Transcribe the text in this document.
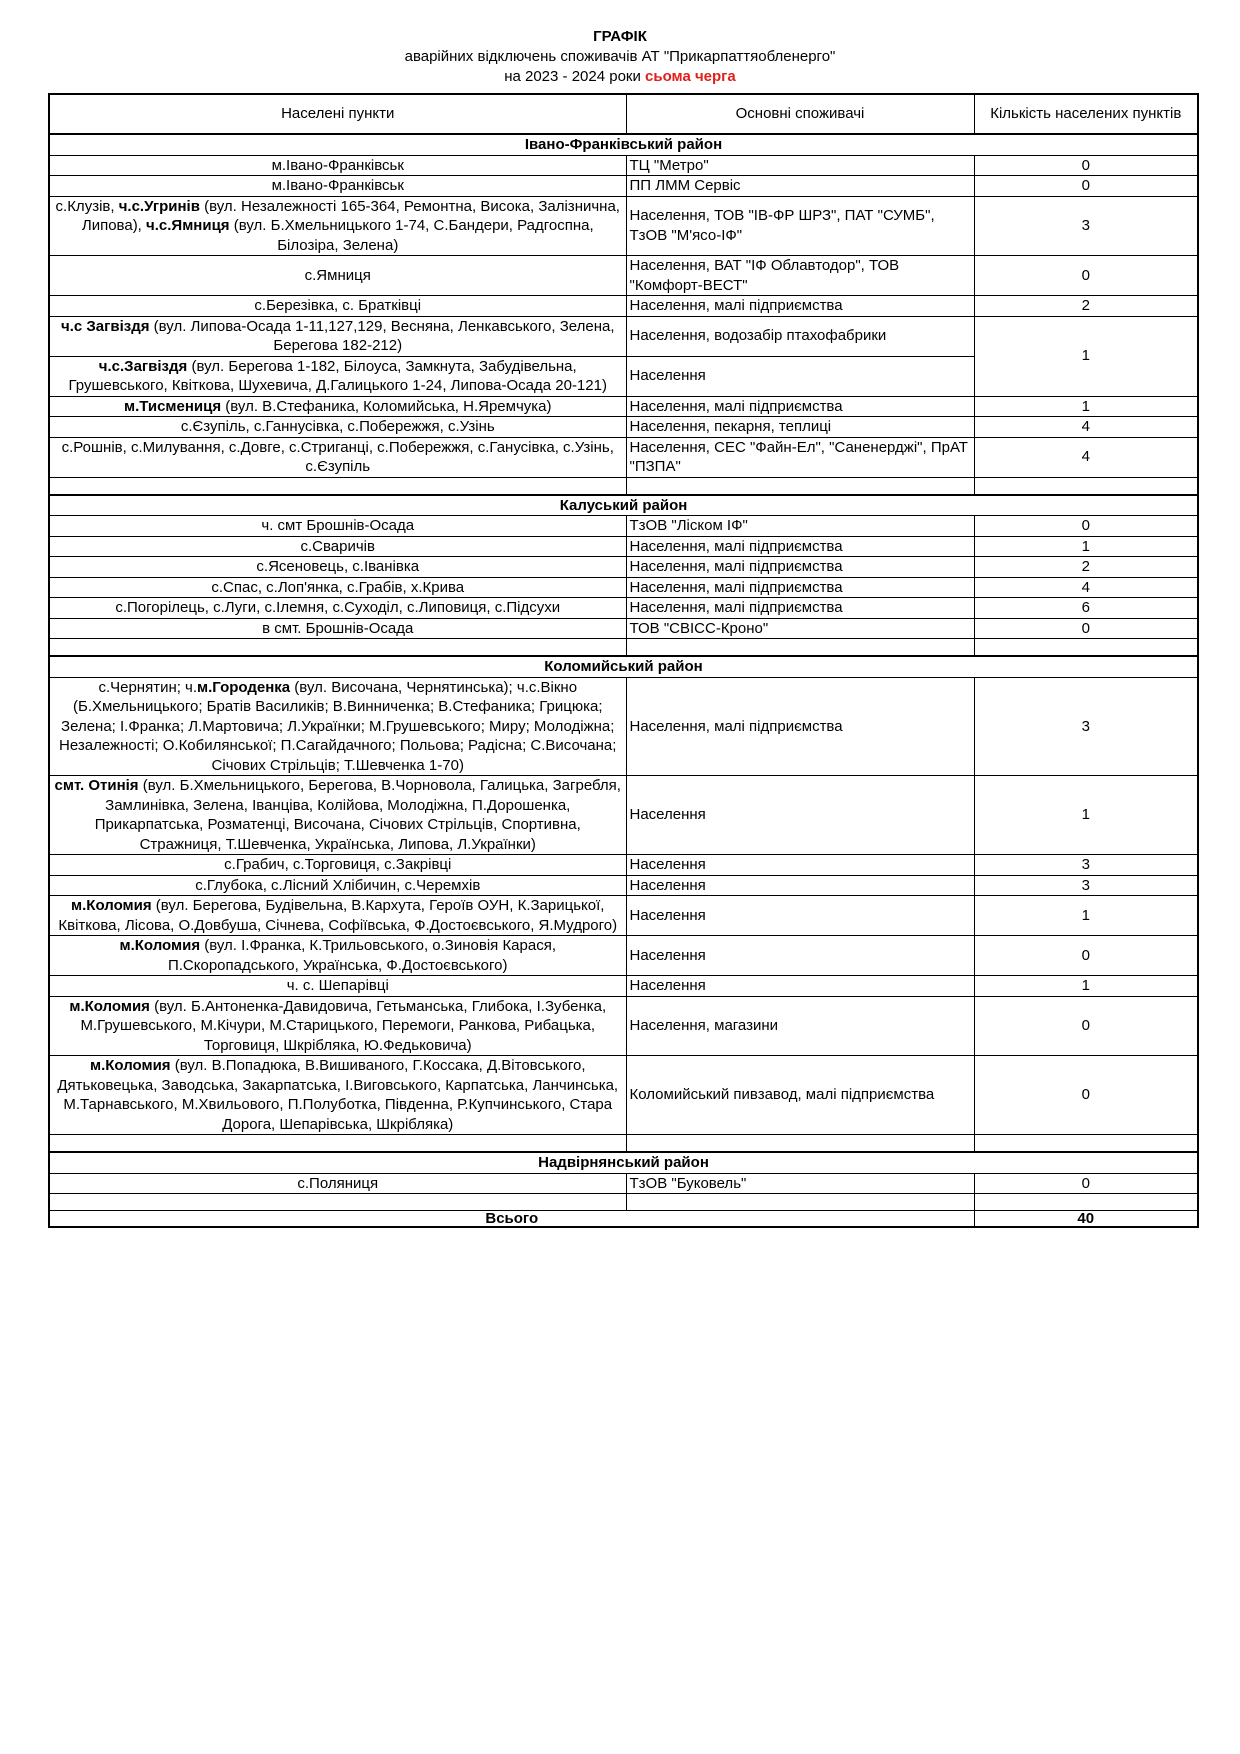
ГРАФІК
аварійних відключень споживачів АТ "Прикарпаттяобленерго"
на 2023 - 2024 роки сьома черга
Населені пункти	Основні споживачі	Кількість населених пунктів
Івано-Франківський район		
м.Івано-Франківськ	ТЦ "Метро"	0
м.Івано-Франківськ	ПП ЛММ Сервіс	0
с.Клузів, ч.с.Угринів (вул. Незалежності 165-364, Ремонтна, Висока, Залізнична, Липова), ч.с.Ямниця (вул. Б.Хмельницького 1-74, С.Бандери, Радгоспна, Білозіра, Зелена)	Населення, ТОВ "ІВ-ФР ШРЗ", ПАТ "СУМБ", ТзОВ "М'ясо-ІФ"	3
с.Ямниця	Населення, ВАТ "ІФ Облавтодор", ТОВ "Комфорт-ВЕСТ"	0
с.Березівка, с. Братківці	Населення, малі підприємства	2
ч.с Загвіздя (вул. Липова-Осада 1-11,127,129, Весняна, Ленкавського, Зелена, Берегова 182-212)	Населення, водозабір птахофабрики	1
ч.с.Загвіздя (вул. Берегова 1-182, Білоуса, Замкнута, Забудівельна, Грушевського, Квіткова, Шухевича, Д.Галицького 1-24, Липова-Осада 20-121)	Населення	
м.Тисмениця (вул. В.Стефаника, Коломийська, Н.Яремчука)	Населення, малі підприємства	1
с.Єзупіль, с.Ганнусівка, с.Побережжя, с.Узінь	Населення, пекарня, теплиці	4
с.Рошнів, с.Милування, с.Довге, с.Стриганці, с.Побережжя, с.Ганусівка, с.Узінь, с.Єзупіль	Населення, СЕС "Файн-Ел", "Саненерджі", ПрАТ "ПЗПА"	4

Калуський район		
ч. смт Брошнів-Осада	ТзОВ "Ліском ІФ"	0
с.Сваричів	Населення, малі підприємства	1
с.Ясеновець, с.Іванівка	Населення, малі підприємства	2
с.Спас, с.Лоп'янка, с.Грабів, х.Крива	Населення, малі підприємства	4
с.Погорілець, с.Луги, с.Ілемня, с.Суходіл, с.Липовиця, с.Підсухи	Населення, малі підприємства	6
в смт. Брошнів-Осада	ТОВ "СВІСС-Кроно"	0

Коломийський район		
с.Чернятин; ч.м.Городенка (вул. Височана, Чернятинська); ч.с.Вікно (Б.Хмельницького; Братів Василиків; В.Винниченка; В.Стефаника; Грицюка; Зелена; І.Франка; Л.Мартовича; Л.Українки; М.Грушевського; Миру; Молодіжна; Незалежності; О.Кобилянської; П.Сагайдачного; Польова; Радісна; С.Височана; Січових Стрільців; Т.Шевченка 1-70)	Населення, малі підприємства	3
смт. Отинія (вул. Б.Хмельницького, Берегова, В.Чорновола, Галицька, Загребля, Замлинівка, Зелена, Іванцівa, Колійова, Молодіжна, П.Дорошенка, Прикарпатська, Розматенці, Височана, Січових Стрільців, Спортивна, Стражниця, Т.Шевченка, Українська, Липова, Л.Українки)	Населення	1
с.Грабич, с.Торговиця, с.Закрівці	Населення	3
с.Глубока, с.Лісний Хлібичин, с.Черемхів	Населення	3
м.Коломия (вул. Берегова, Будівельна, В.Кархута, Героїв ОУН, К.Зарицької, Квіткова, Лісова, О.Довбуша, Січнева, Софіївська, Ф.Достоєвського, Я.Мудрого)	Населення	1
м.Коломия (вул. І.Франка, К.Трильовського, о.Зиновія Карася, П.Скоропадського, Українська, Ф.Достоєвського)	Населення	0
ч. с. Шепарівці	Населення	1
м.Коломия (вул. Б.Антоненка-Давидовича, Гетьманська, Глибока, І.Зубенка, М.Грушевського, М.Кічури, М.Старицького, Перемоги, Ранкова, Рибацька, Торговиця, Шкрібляка, Ю.Федьковича)	Населення, магазини	0
м.Коломия (вул. В.Попадюка, В.Вишиваного, Г.Коссака, Д.Вітовського, Дятьковецька, Заводська, Закарпатська, І.Виговського, Карпатська, Ланчинська, М.Тарнавського, М.Хвильового, П.Полуботка, Південна, Р.Купчинського, Стара Дорога, Шепарівська, Шкрібляка)	Коломийський пивзавод, малі підприємства	0

Надвірнянський район		
с.Поляниця	ТзОВ "Буковель"	0

Всього		40
